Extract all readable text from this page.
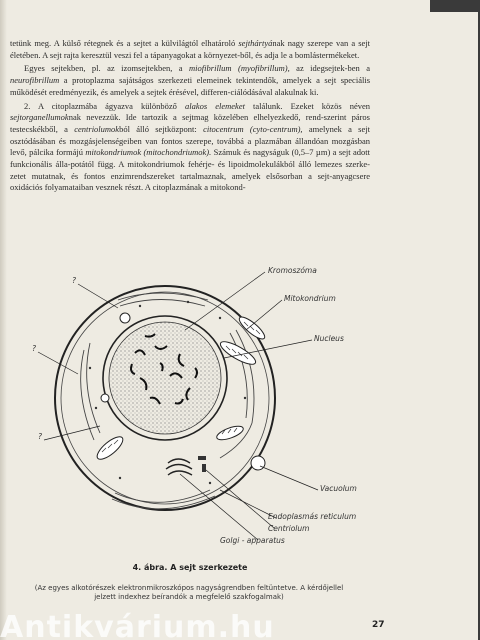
tetünk meg. A külső rétegnek és a sejtet a külvilágtól elhatároló sejthártyának nagy szerepe van a sejt életében. A sejt rajta keresztül veszi fel a tápanyagokat a környezet-ből, és adja le a bomlástermékeket.

Egyes sejtekben, pl. az izomsejtekben, a miofibrillum (myofibrillum), az idegsejtek-ben a neurofibrillum a protoplazma sajátságos szerkezeti elemeinek tekintendők, amelyek a sejt speciális működését eredményezik, és amelyek a sejtek érésével, differen-ciálódásával alakulnak ki.

2. A citoplazmába ágyazva különböző alakos elemeket találunk. Ezeket közös néven sejtorganellumoknak nevezzük. Ide tartozik a sejtmag közelében elhelyezkedő, rend-szerint páros testecskékből, a centriolumokból álló sejtközpont: citocentrum (cyto-centrum), amelynek a sejt osztódásában és mozgásjelenségeiben van fontos szerepe, továbbá a plazmában állandóan mozgásban levő, pálcika formájú mitokondriumok (mitochondriumok). Számuk és nagyságuk (0,5–7 µm) a sejt adott funkcionális álla-potától függ. A mitokondriumok fehérje- és lipoidmolekulákból álló lemezes szerke-zetet mutatnak, és fontos enzimrendszereket tartalmaznak, amelyek elsősorban a sejt-anyagcsere oxidációs folyamataiban vesznek részt. A citoplazmának a mitokond-

Kromoszóma
Mitokondrium
Nucleus
Vacuolum
Endoplasmás reticulum
Centriolum
Golgi - apparatus
?
?
?
4. ábra. A sejt szerkezete
(Az egyes alkotórészek elektronmikroszkópos nagyságrendben feltüntetve. A kérdőjellel jelzett indexhez beírandók a megfelelő szakfogalmak)
27
Antikvárium.hu
